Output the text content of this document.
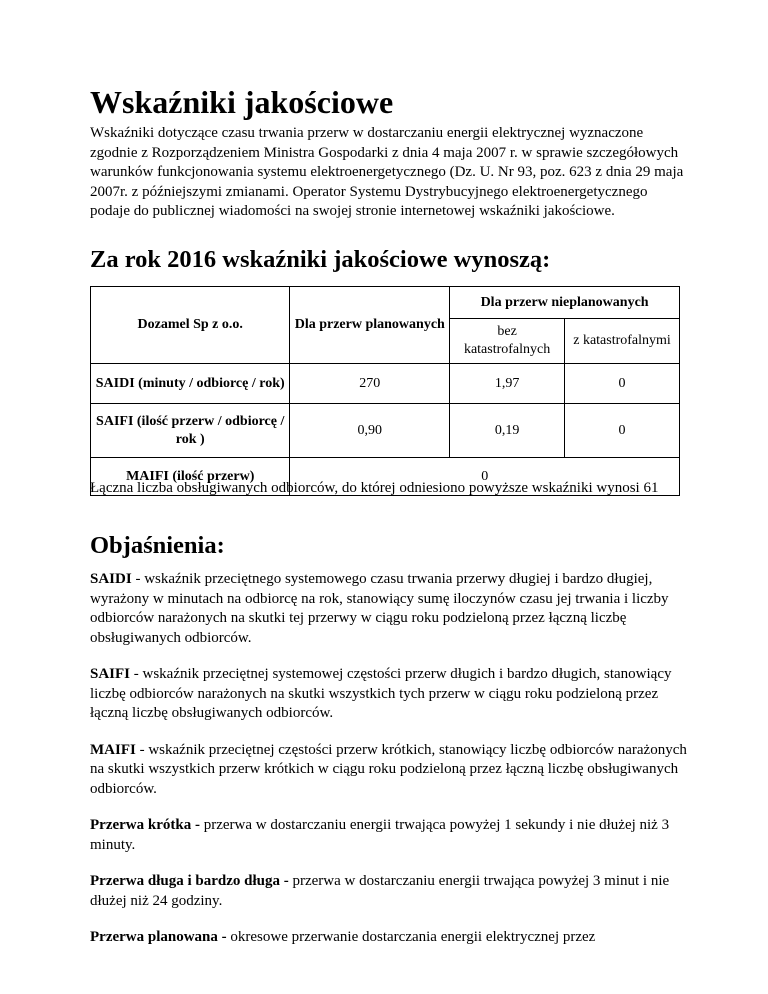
Wskaźniki jakościowe

Wskaźniki dotyczące czasu trwania przerw w dostarczaniu energii elektrycznej wyznaczone zgodnie z Rozporządzeniem Ministra Gospodarki z dnia 4 maja 2007 r. w sprawie szczegółowych warunków funkcjonowania systemu elektroenergetycznego (Dz. U. Nr 93, poz. 623 z dnia 29 maja 2007r. z późniejszymi zmianami. Operator Systemu Dystrybucyjnego elektroenergetycznego podaje do publicznej wiadomości na swojej stronie internetowej wskaźniki jakościowe.

Za rok 2016 wskaźniki jakościowe wynoszą:
Dozamel Sp z o.o.	Dla przerw planowanych	Dla przerw nieplanowanych	
		bez katastrofalnych	z katastrofalnymi
SAIDI (minuty / odbiorcę / rok)	270	1,97	0
SAIFI (ilość przerw / odbiorcę / rok )	0,90	0,19	0
MAIFI (ilość przerw)	0		

Łączna liczba obsługiwanych odbiorców, do której odniesiono powyższe wskaźniki wynosi 61

Objaśnienia:

SAIDI - wskaźnik przeciętnego systemowego czasu trwania przerwy długiej i bardzo długiej, wyrażony w minutach na odbiorcę na rok, stanowiący sumę iloczynów czasu jej trwania i liczby odbiorców narażonych na skutki tej przerwy w ciągu roku podzieloną przez łączną liczbę obsługiwanych odbiorców.

SAIFI - wskaźnik przeciętnej systemowej częstości przerw długich i bardzo długich, stanowiący liczbę odbiorców narażonych na skutki wszystkich tych przerw w ciągu roku podzieloną przez łączną liczbę obsługiwanych odbiorców.

MAIFI - wskaźnik przeciętnej częstości przerw krótkich, stanowiący liczbę odbiorców narażonych na skutki wszystkich przerw krótkich w ciągu roku podzieloną przez łączną liczbę obsługiwanych odbiorców.

Przerwa krótka - przerwa w dostarczaniu energii trwająca powyżej 1 sekundy i nie dłużej niż 3 minuty.

Przerwa długa i bardzo długa - przerwa w dostarczaniu energii trwająca powyżej 3 minut i nie dłużej niż 24 godziny.

Przerwa planowana - okresowe przerwanie dostarczania energii elektrycznej przez
